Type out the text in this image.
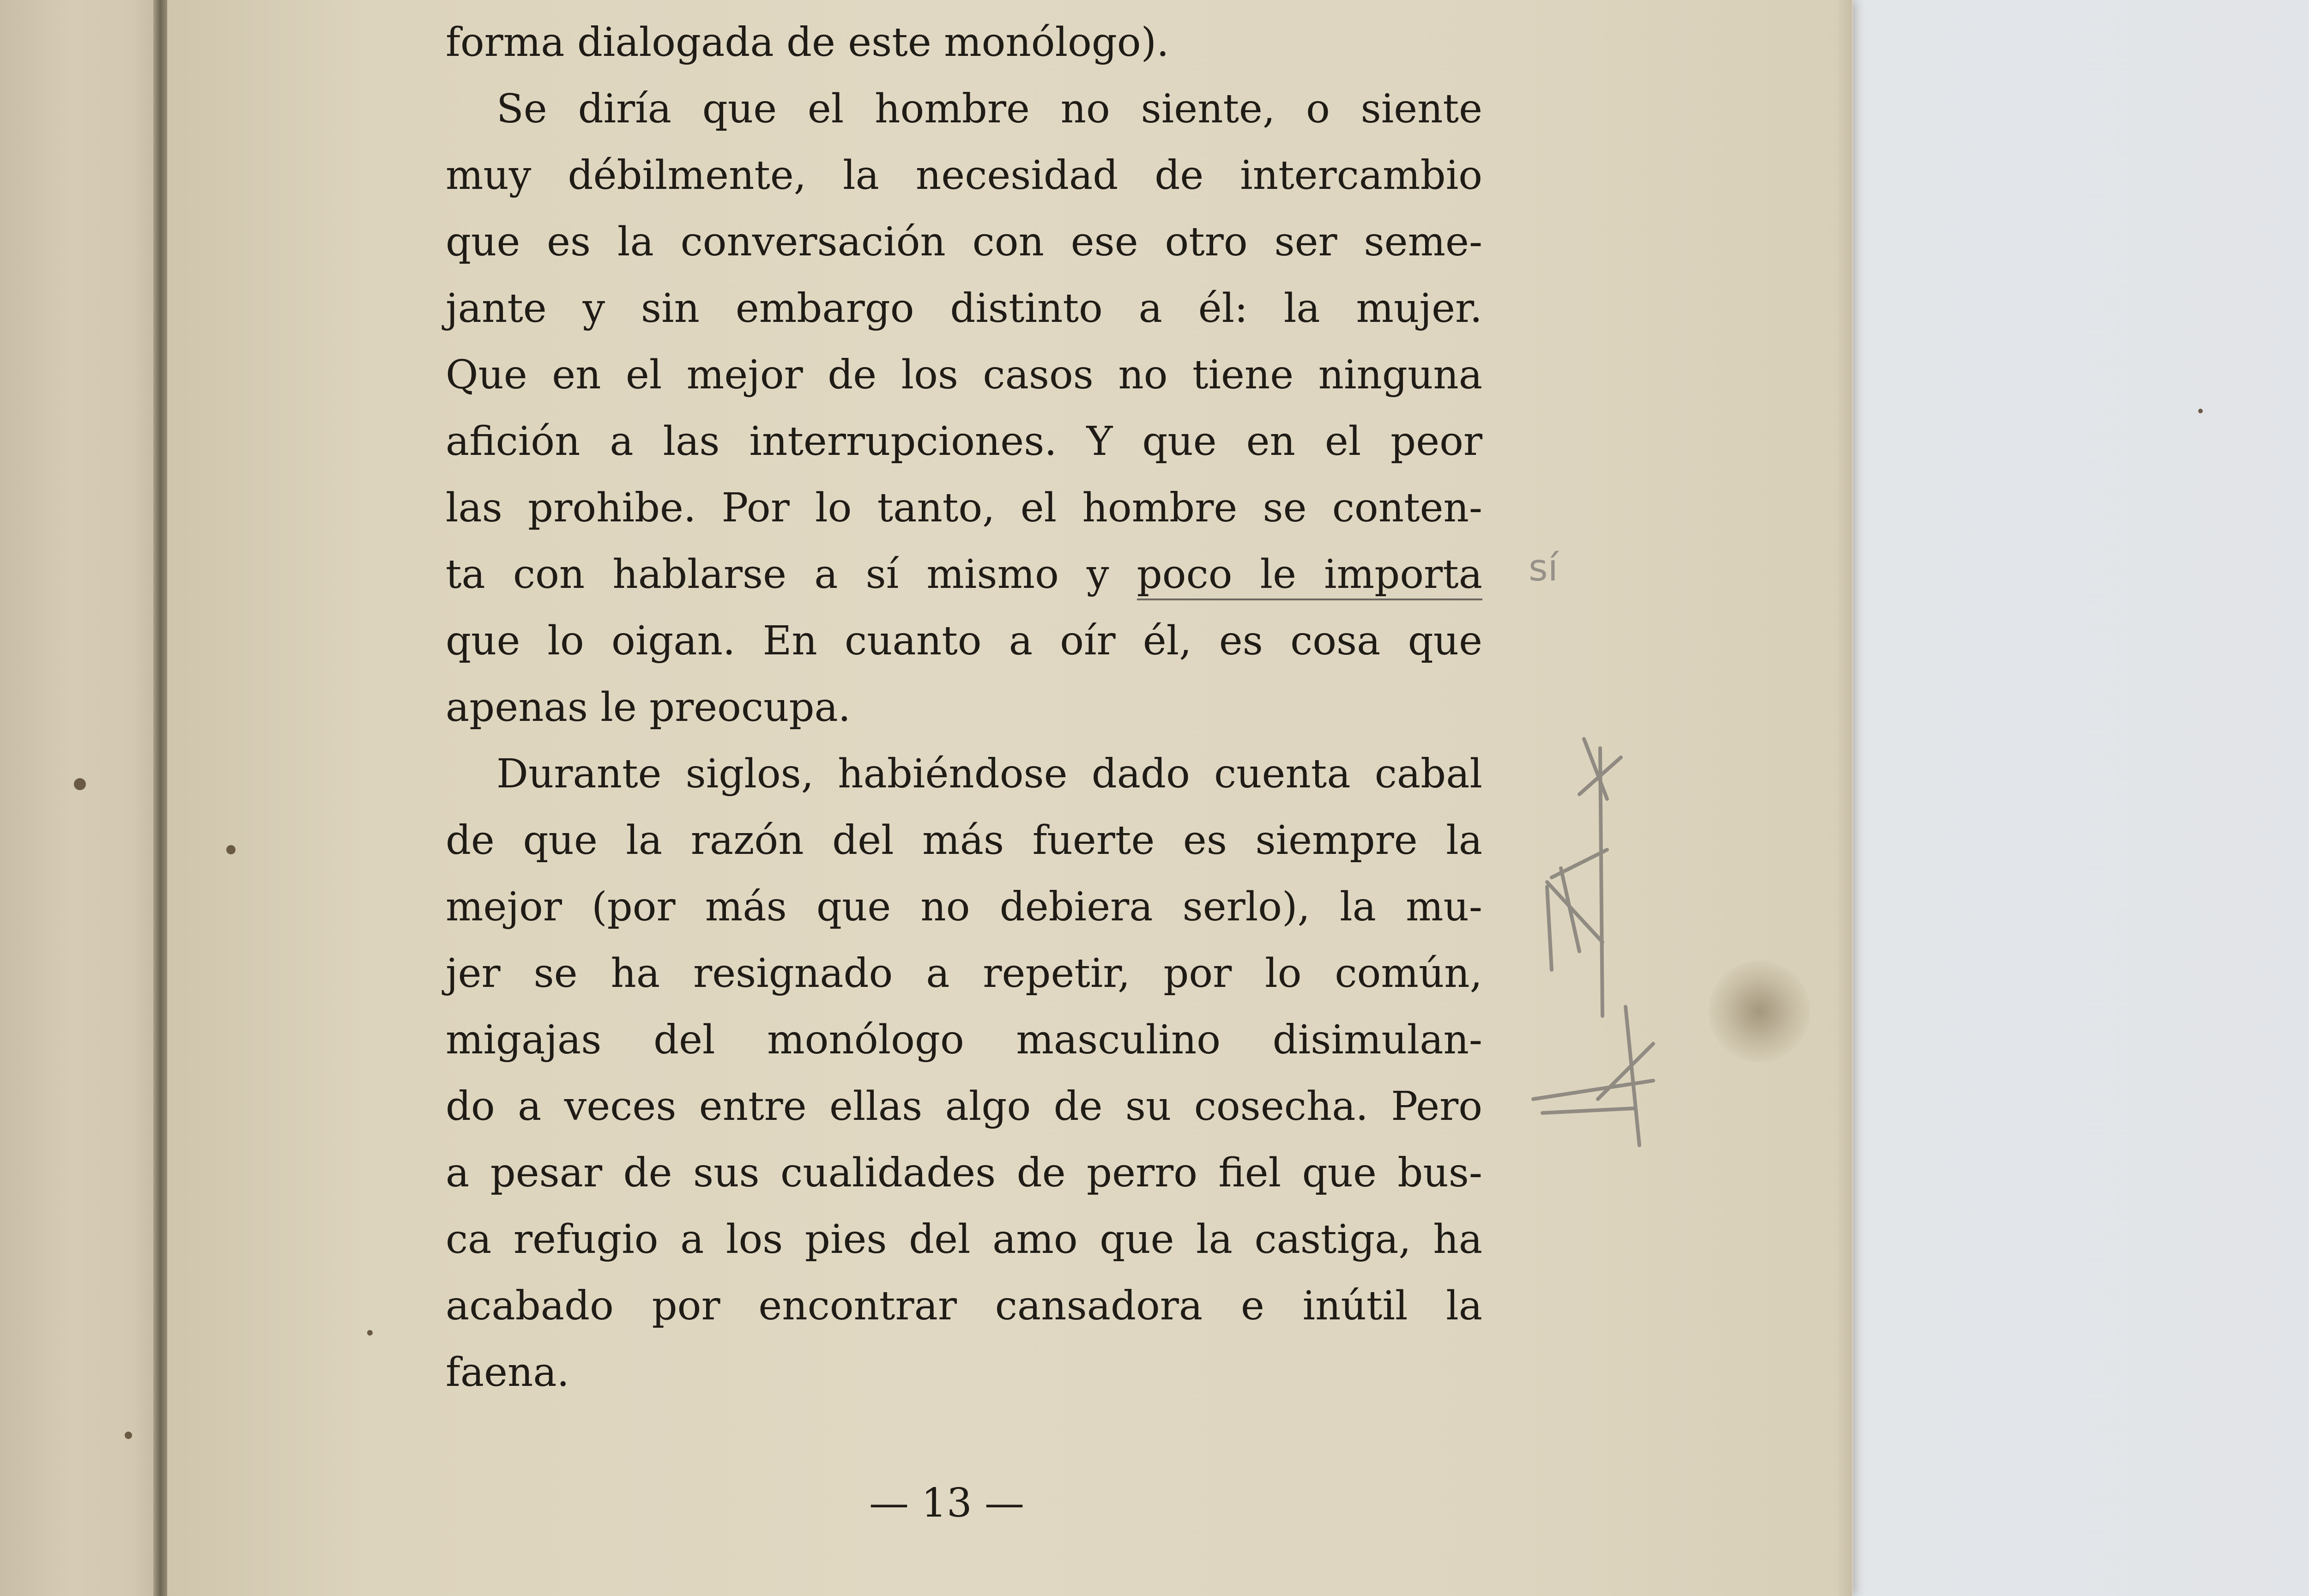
forma dialogada de este monólogo).
Se diría que el hombre no siente, o siente
muy débilmente, la necesidad de intercambio
que es la conversación con ese otro ser seme-
jante y sin embargo distinto a él: la mujer.
Que en el mejor de los casos no tiene ninguna
afición a las interrupciones. Y que en el peor
las prohibe. Por lo tanto, el hombre se conten-
ta con hablarse a sí mismo y poco le importa
que lo oigan. En cuanto a oír él, es cosa que
apenas le preocupa.
Durante siglos, habiéndose dado cuenta cabal
de que la razón del más fuerte es siempre la
mejor (por más que no debiera serlo), la mu-
jer se ha resignado a repetir, por lo común,
migajas del monólogo masculino disimulan-
do a veces entre ellas algo de su cosecha. Pero
a pesar de sus cualidades de perro fiel que bus-
ca refugio a los pies del amo que la castiga, ha
acabado por encontrar cansadora e inútil la
faena.
— 13 —
sí
